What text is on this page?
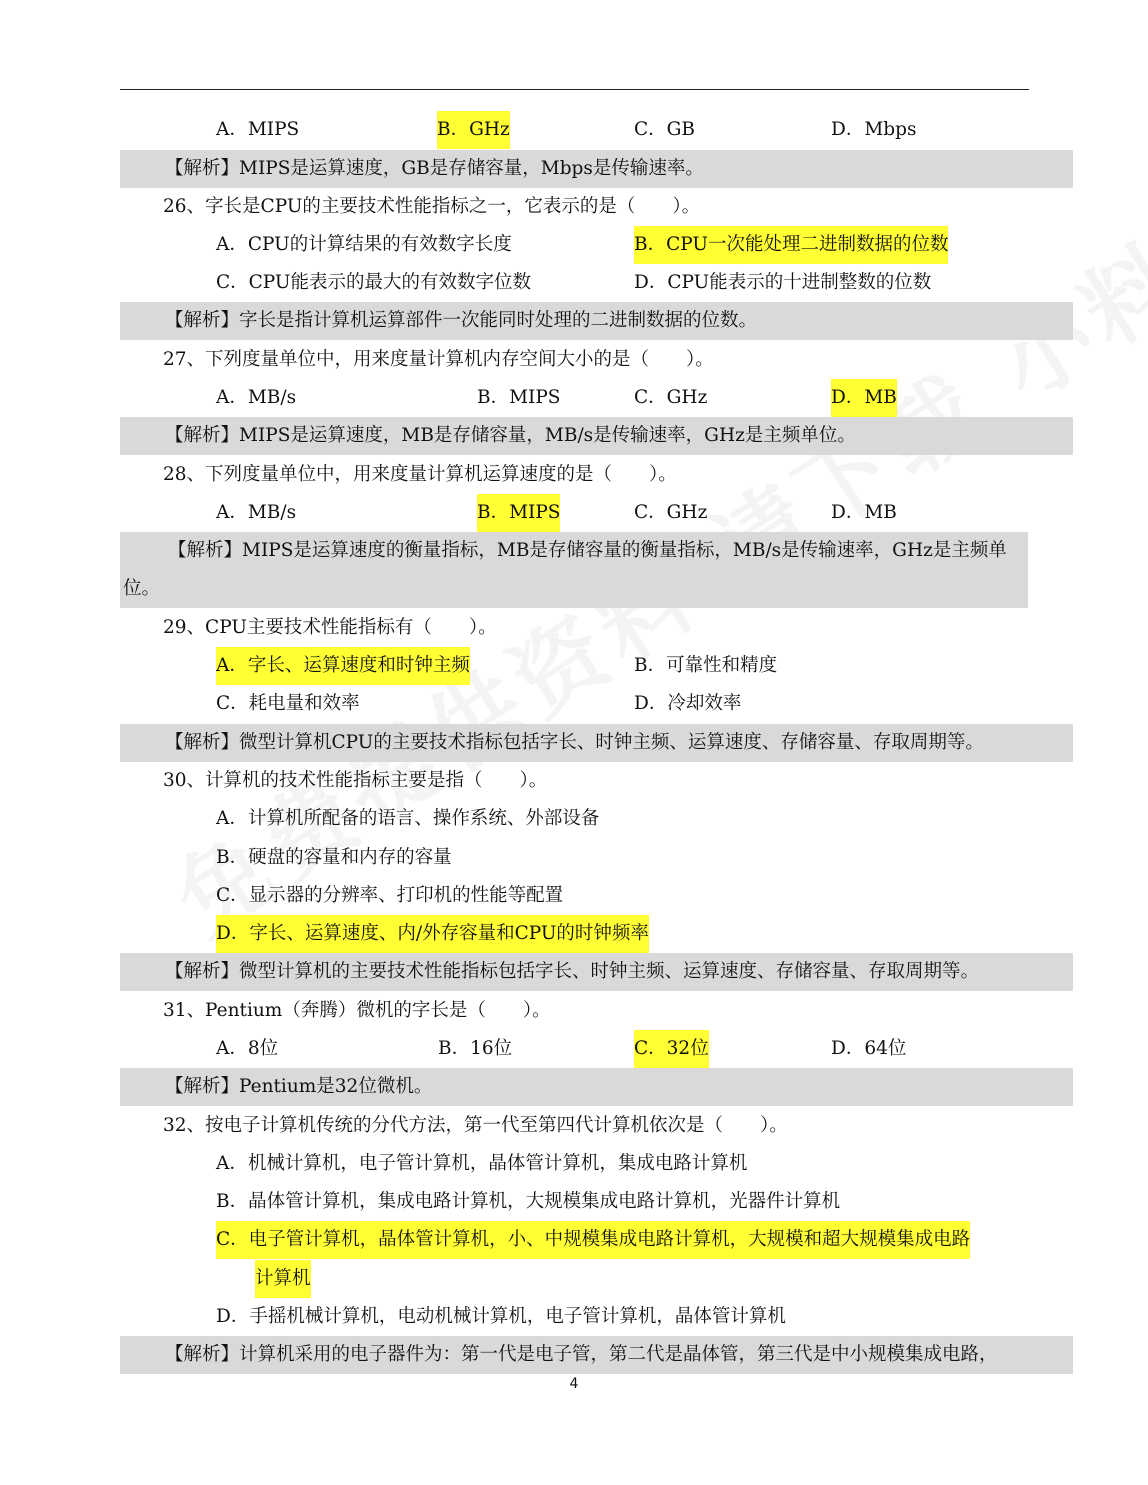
A．MIPS	B．GHz	C．GB	D．Mbps
【解析】MIPS是运算速度，GB是存储容量，Mbps是传输速率。
26、字长是CPU的主要技术性能指标之一，它表示的是（　　）。
A．CPU的计算结果的有效数字长度	B．CPU一次能处理二进制数据的位数
C．CPU能表示的最大的有效数字位数	D．CPU能表示的十进制整数的位数
【解析】字长是指计算机运算部件一次能同时处理的二进制数据的位数。
27、下列度量单位中，用来度量计算机内存空间大小的是（　　）。
A．MB/s	B．MIPS	C．GHz	D．MB
【解析】MIPS是运算速度，MB是存储容量，MB/s是传输速率，GHz是主频单位。
28、下列度量单位中，用来度量计算机运算速度的是（　　）。
A．MB/s	B．MIPS	C．GHz	D．MB
【解析】MIPS是运算速度的衡量指标，MB是存储容量的衡量指标，MB/s是传输速率，GHz是主频单位。
29、CPU主要技术性能指标有（　　）。
A．字长、运算速度和时钟主频	B．可靠性和精度
C．耗电量和效率	D．冷却效率
【解析】微型计算机CPU的主要技术指标包括字长、时钟主频、运算速度、存储容量、存取周期等。
30、计算机的技术性能指标主要是指（　　）。
A．计算机所配备的语言、操作系统、外部设备
B．硬盘的容量和内存的容量
C．显示器的分辨率、打印机的性能等配置
D．字长、运算速度、内/外存容量和CPU的时钟频率
【解析】微型计算机的主要技术性能指标包括字长、时钟主频、运算速度、存储容量、存取周期等。
31、Pentium（奔腾）微机的字长是（　　）。
A．8位	B．16位	C．32位	D．64位
【解析】Pentium是32位微机。
32、按电子计算机传统的分代方法，第一代至第四代计算机依次是（　　）。
A．机械计算机，电子管计算机，晶体管计算机，集成电路计算机
B．晶体管计算机，集成电路计算机，大规模集成电路计算机，光器件计算机
C．电子管计算机，晶体管计算机，小、中规模集成电路计算机，大规模和超大规模集成电路
计算机
D．手摇机械计算机，电动机械计算机，电子管计算机，晶体管计算机
【解析】计算机采用的电子器件为：第一代是电子管，第二代是晶体管，第三代是中小规模集成电路，
4
